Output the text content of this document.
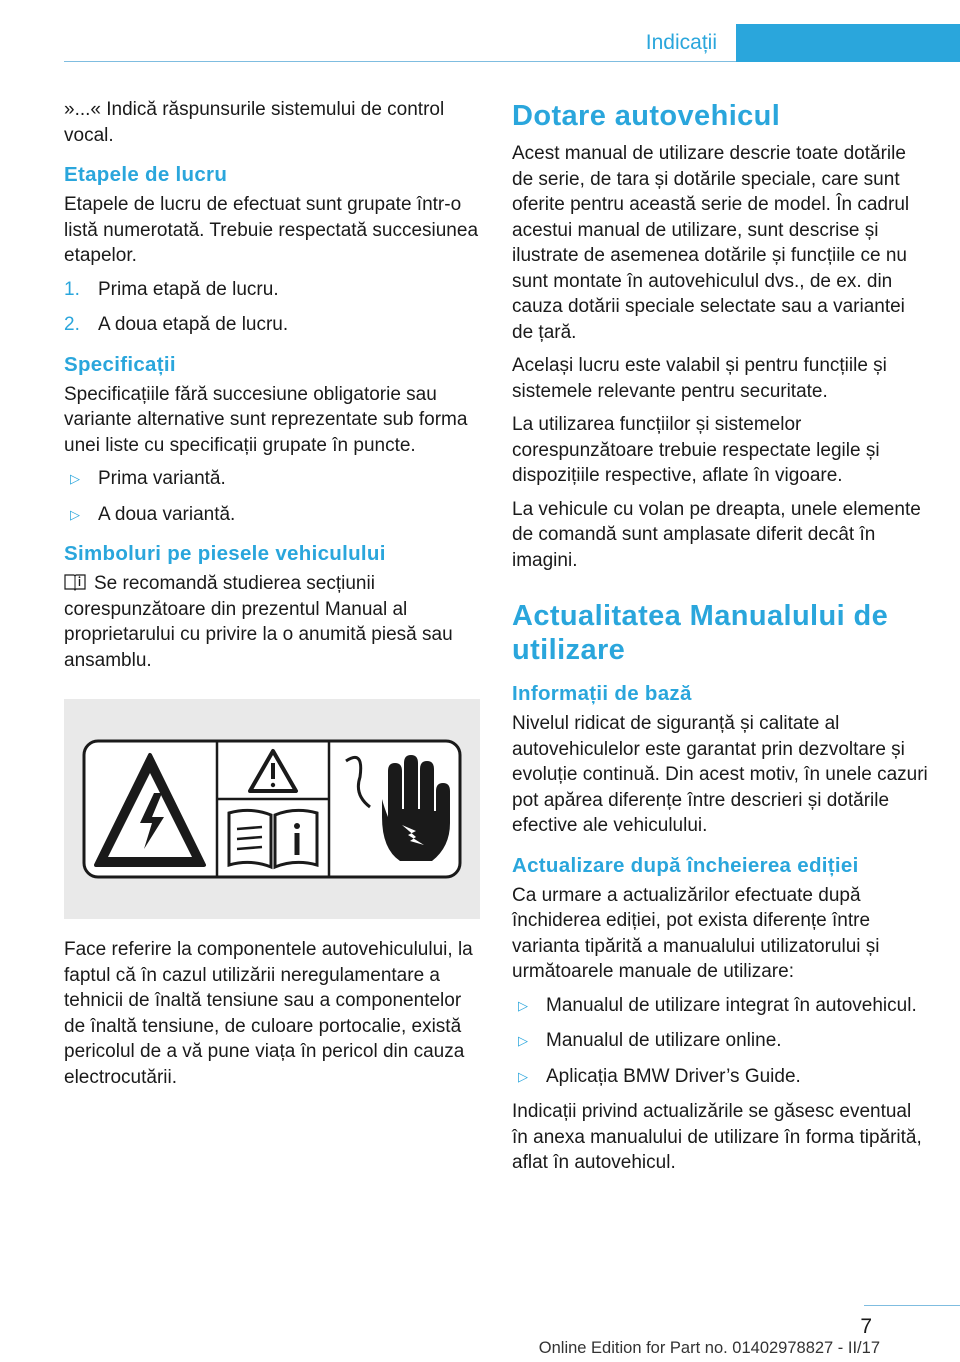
Indicații

»...« Indică răspunsurile sistemului de control vocal.

Etapele de lucru

Etapele de lucru de efectuat sunt grupate într-o listă numerotată. Trebuie respectată succesiunea etapelor.

1. Prima etapă de lucru.
2. A doua etapă de lucru.
Specificații

Specificațiile fără succesiune obligatorie sau variante alternative sunt reprezentate sub forma unei liste cu specificații grupate în puncte.

▷ Prima variantă.
▷ A doua variantă.
Simboluri pe piesele vehiculului

Se recomandă studierea secțiunii corespunzătoare din prezentul Manual al proprietarului cu privire la o anumită piesă sau ansamblu.

Face referire la componentele autovehiculului, la faptul că în cazul utilizării neregulamentare a tehnicii de înaltă tensiune sau a componentelor de înaltă tensiune, de culoare portocalie, există pericolul de a vă pune viața în pericol din cauza electrocutării.

Dotare autovehicul

Acest manual de utilizare descrie toate dotările de serie, de tara și dotările speciale, care sunt oferite pentru această serie de model. În cadrul acestui manual de utilizare, sunt descrise și ilustrate de asemenea dotările și funcțiile ce nu sunt montate în autovehiculul dvs., de ex. din cauza dotării speciale selectate sau a variantei de țară.

Același lucru este valabil și pentru funcțiile și sistemele relevante pentru securitate.

La utilizarea funcțiilor și sistemelor corespunzătoare trebuie respectate legile și dispozițiile respective, aflate în vigoare.

La vehicule cu volan pe dreapta, unele elemente de comandă sunt amplasate diferit decât în imagini.

Actualitatea Manualului de utilizare
Informații de bază

Nivelul ridicat de siguranță și calitate al autovehiculelor este garantat prin dezvoltare și evoluție continuă. Din acest motiv, în unele cazuri pot apărea diferențe între descrieri și dotările efective ale vehiculului.

Actualizare după încheierea ediției

Ca urmare a actualizărilor efectuate după închiderea ediției, pot exista diferențe între varianta tipărită a manualului utilizatorului și următoarele manuale de utilizare:

▷ Manualul de utilizare integrat în autovehicul.
▷ Manualul de utilizare online.
▷ Aplicația BMW Driver’s Guide.

Indicații privind actualizările se găsesc eventual în anexa manualului de utilizare în forma tipărită, aflat în autovehicul.

7
Online Edition for Part no. 01402978827 - II/17
